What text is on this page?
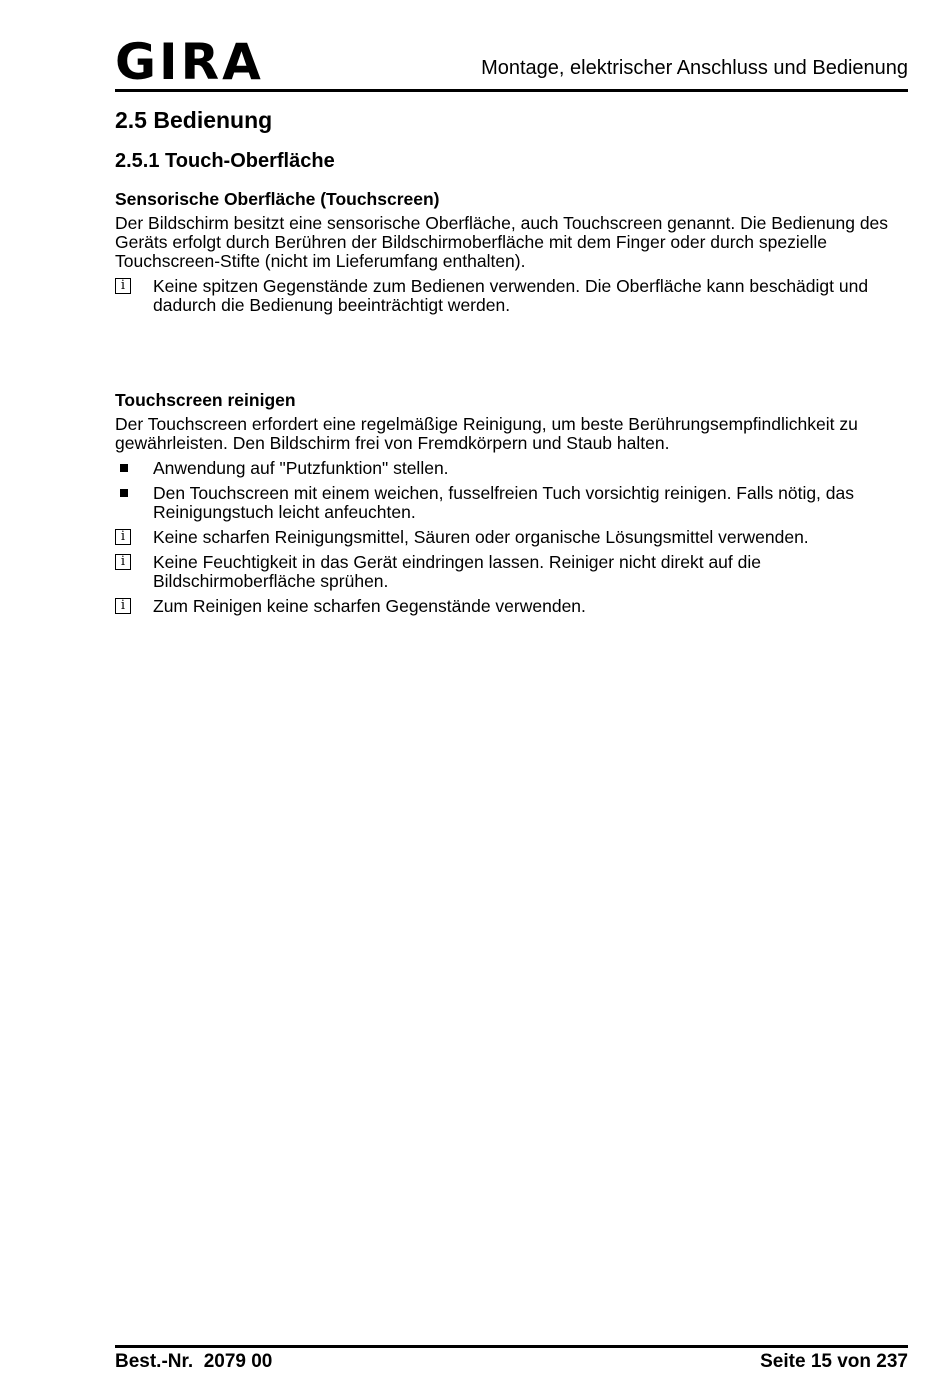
GIRA	Montage, elektrischer Anschluss und Bedienung
2.5 Bedienung
2.5.1 Touch-Oberfläche
Sensorische Oberfläche (Touchscreen)
Der Bildschirm besitzt eine sensorische Oberfläche, auch Touchscreen genannt. Die Bedienung des Geräts erfolgt durch Berühren der Bildschirmoberfläche mit dem Finger oder durch spezielle Touchscreen-Stifte (nicht im Lieferumfang enthalten).
i	Keine spitzen Gegenstände zum Bedienen verwenden. Die Oberfläche kann beschädigt und dadurch die Bedienung beeinträchtigt werden.
Touchscreen reinigen
Der Touchscreen erfordert eine regelmäßige Reinigung, um beste Berührungsempfindlichkeit zu gewährleisten. Den Bildschirm frei von Fremdkörpern und Staub halten.
Anwendung auf "Putzfunktion" stellen.
Den Touchscreen mit einem weichen, fusselfreien Tuch vorsichtig reinigen. Falls nötig, das Reinigungstuch leicht anfeuchten.
i	Keine scharfen Reinigungsmittel, Säuren oder organische Lösungsmittel verwenden.
i	Keine Feuchtigkeit in das Gerät eindringen lassen. Reiniger nicht direkt auf die Bildschirmoberfläche sprühen.
i	Zum Reinigen keine scharfen Gegenstände verwenden.
Best.-Nr.  2079 00	Seite 15 von 237
